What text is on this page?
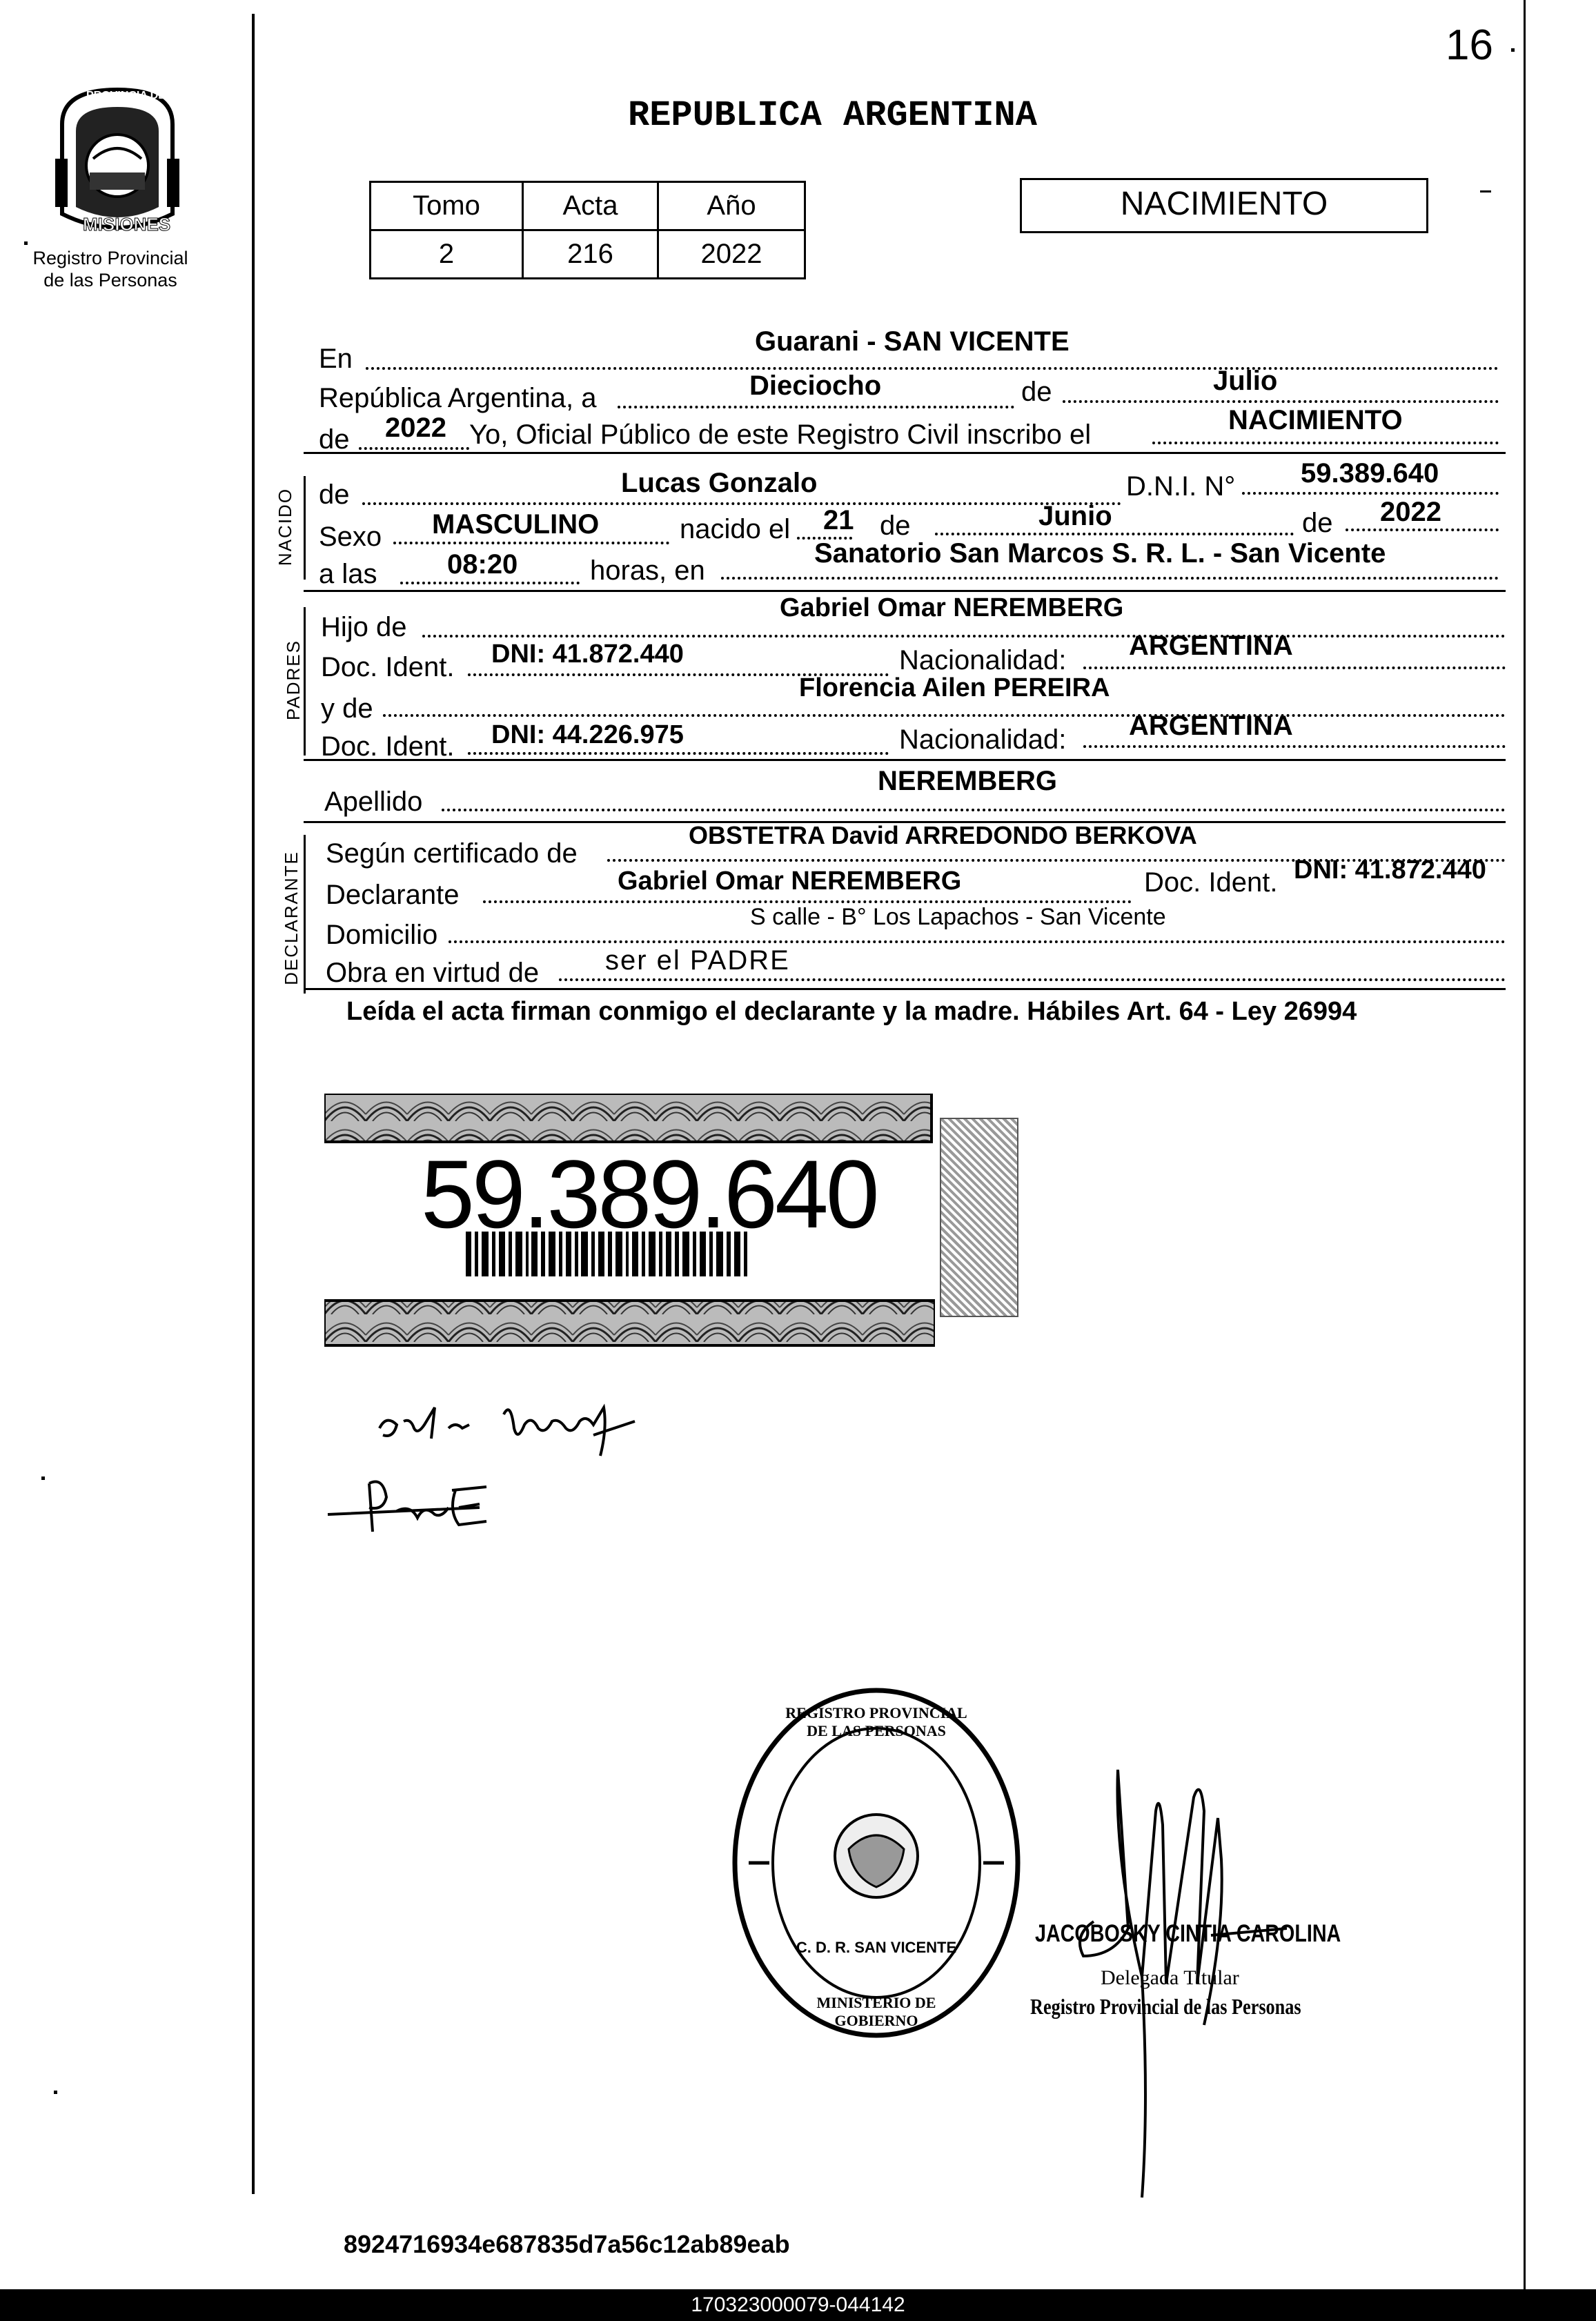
16
PROVINCIA DE
MISIONES
Registro Provincial
de las Personas
REPUBLICA ARGENTINA
Tomo	Acta	Año
2	216	2022
NACIMIENTO
En
Guarani - SAN VICENTE
República Argentina, a	Dieciocho	de	Julio
de 2022 Yo, Oficial Público de este Registro Civil inscribo el	NACIMIENTO
NACIDO de	Lucas Gonzalo	D.N.I. N° 59.389.640
Sexo MASCULINO	nacido el 21 de	Junio	de 2022
a las	08:20	horas, en
Sanatorio San Marcos S. R. L. - San Vicente
PADRES
Hijo de
Gabriel Omar NEREMBERG
Doc. Ident. DNI: 41.872.440	Nacionalidad: ARGENTINA
y de
Florencia Ailen PEREIRA
Doc. Ident. DNI: 44.226.975	Nacionalidad: ARGENTINA
Apellido
NEREMBERG
DECLARANTE Según certificado de
OBSTETRA David ARREDONDO BERKOVA
Declarante	Gabriel Omar NEREMBERG	Doc. Ident. DNI: 41.872.440
Domicilio
S calle - B° Los Lapachos - San Vicente
Obra en virtud de ser el PADRE
Leída el acta firman conmigo el declarante y la madre. Hábiles Art. 64 - Ley 26994
59.389.640
REGISTRO PROVINCIAL DE LAS PERSONAS
C. D. R. SAN VICENTE
MINISTERIO DE GOBIERNO
JACOBOSKY CINTIA CAROLINA
Delegada Titular
Registro Provincial de las Personas
8924716934e687835d7a56c12ab89eab
170323000079-044142
